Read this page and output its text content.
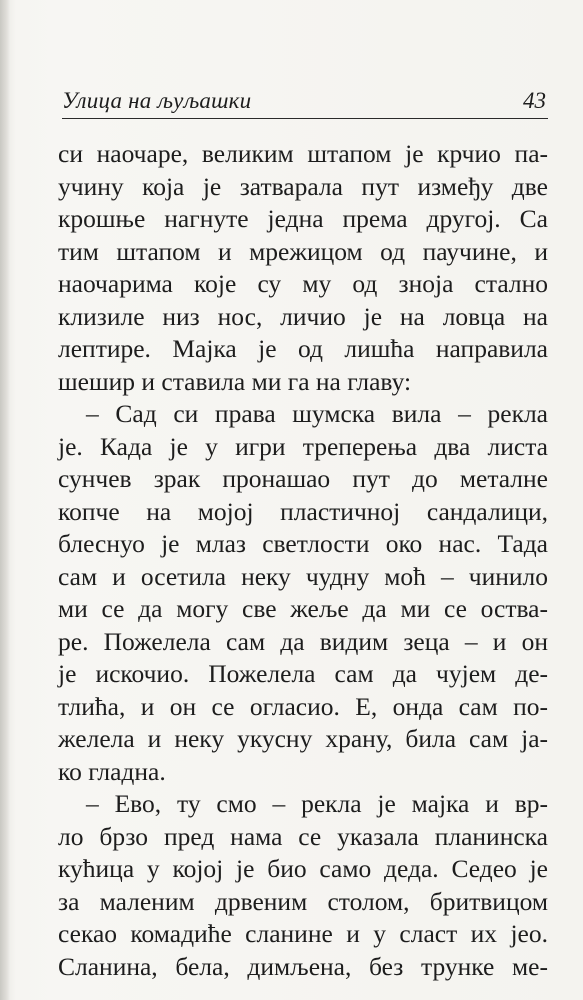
Улица на љуљашки	43
си наочаре, великим штапом је крчио па-
учину која је затварала пут између две
крошње нагнуте једна према другој. Са
тим штапом и мрежицом од паучине, и
наочарима које су му од зноја стално
клизиле низ нос, личио је на ловца на
лептире. Мајка је од лишћа направила
шешир и ставила ми га на главу:
– Сад си права шумска вила – рекла
је. Када је у игри треперења два листа
сунчев зрак пронашао пут до металне
копче на мојој пластичној сандалици,
блеснуо је млаз светлости око нас. Тада
сам и осетила неку чудну моћ – чинило
ми се да могу све жеље да ми се оства-
ре. Пожелела сам да видим зеца – и он
је искочио. Пожелела сам да чујем де-
тлића, и он се огласио. Е, онда сам по-
желела и неку укусну храну, била сам ја-
ко гладна.
– Ево, ту смо – рекла је мајка и вр-
ло брзо пред нама се указала планинска
кућица у којој је био само деда. Седео је
за маленим дрвеним столом, бритвицом
секао комадиће сланине и у сласт их јео.
Сланина, бела, димљена, без трунке ме-
